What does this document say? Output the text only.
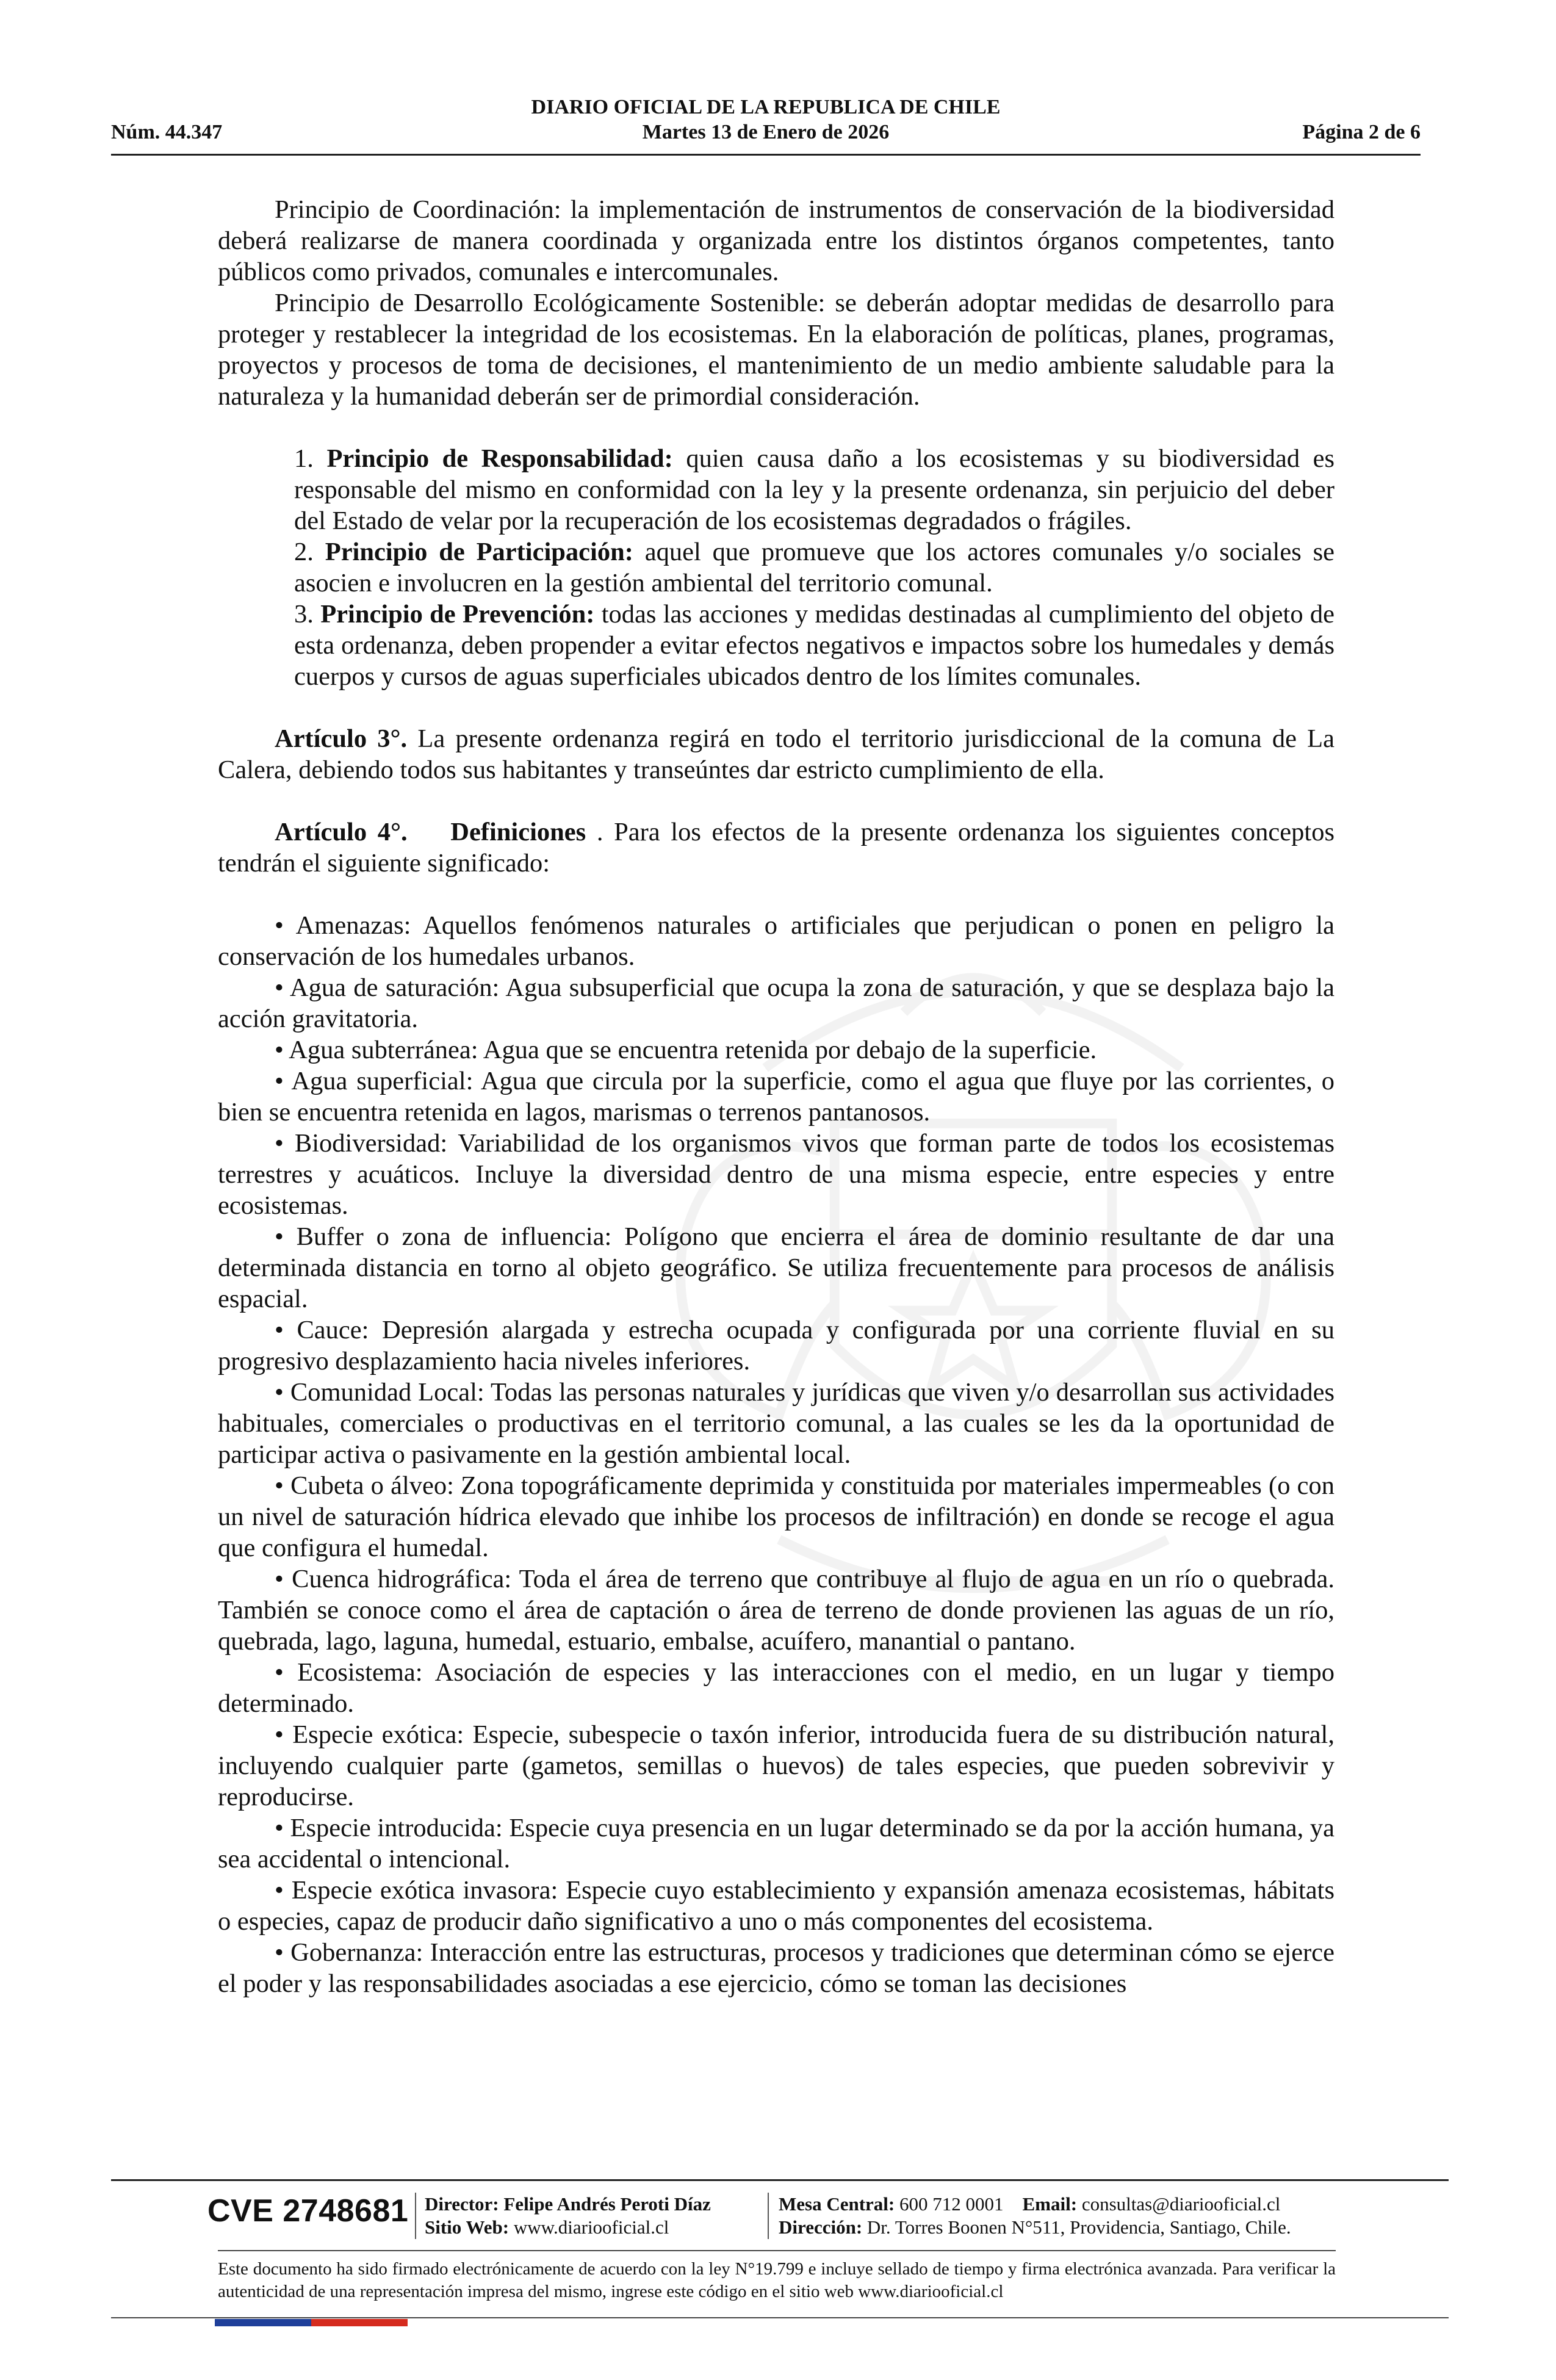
DIARIO OFICIAL DE LA REPUBLICA DE CHILE
Núm. 44.347	Martes 13 de Enero de 2026	Página 2 de 6

Principio de Coordinación: la implementación de instrumentos de conservación de la biodiversidad deberá realizarse de manera coordinada y organizada entre los distintos órganos competentes, tanto públicos como privados, comunales e intercomunales.

Principio de Desarrollo Ecológicamente Sostenible: se deberán adoptar medidas de desarrollo para proteger y restablecer la integridad de los ecosistemas. En la elaboración de políticas, planes, programas, proyectos y procesos de toma de decisiones, el mantenimiento de un medio ambiente saludable para la naturaleza y la humanidad deberán ser de primordial consideración.

1. Principio de Responsabilidad: quien causa daño a los ecosistemas y su biodiversidad es responsable del mismo en conformidad con la ley y la presente ordenanza, sin perjuicio del deber del Estado de velar por la recuperación de los ecosistemas degradados o frágiles.

2. Principio de Participación: aquel que promueve que los actores comunales y/o sociales se asocien e involucren en la gestión ambiental del territorio comunal.

3. Principio de Prevención: todas las acciones y medidas destinadas al cumplimiento del objeto de esta ordenanza, deben propender a evitar efectos negativos e impactos sobre los humedales y demás cuerpos y cursos de aguas superficiales ubicados dentro de los límites comunales.

Artículo 3°. La presente ordenanza regirá en todo el territorio jurisdiccional de la comuna de La Calera, debiendo todos sus habitantes y transeúntes dar estricto cumplimiento de ella.

Artículo 4°. Definiciones . Para los efectos de la presente ordenanza los siguientes conceptos tendrán el siguiente significado:

• Amenazas: Aquellos fenómenos naturales o artificiales que perjudican o ponen en peligro la conservación de los humedales urbanos.

• Agua de saturación: Agua subsuperficial que ocupa la zona de saturación, y que se desplaza bajo la acción gravitatoria.

• Agua subterránea: Agua que se encuentra retenida por debajo de la superficie.

• Agua superficial: Agua que circula por la superficie, como el agua que fluye por las corrientes, o bien se encuentra retenida en lagos, marismas o terrenos pantanosos.

• Biodiversidad: Variabilidad de los organismos vivos que forman parte de todos los ecosistemas terrestres y acuáticos. Incluye la diversidad dentro de una misma especie, entre especies y entre ecosistemas.

• Buffer o zona de influencia: Polígono que encierra el área de dominio resultante de dar una determinada distancia en torno al objeto geográfico. Se utiliza frecuentemente para procesos de análisis espacial.

• Cauce: Depresión alargada y estrecha ocupada y configurada por una corriente fluvial en su progresivo desplazamiento hacia niveles inferiores.

• Comunidad Local: Todas las personas naturales y jurídicas que viven y/o desarrollan sus actividades habituales, comerciales o productivas en el territorio comunal, a las cuales se les da la oportunidad de participar activa o pasivamente en la gestión ambiental local.

• Cubeta o álveo: Zona topográficamente deprimida y constituida por materiales impermeables (o con un nivel de saturación hídrica elevado que inhibe los procesos de infiltración) en donde se recoge el agua que configura el humedal.

• Cuenca hidrográfica: Toda el área de terreno que contribuye al flujo de agua en un río o quebrada. También se conoce como el área de captación o área de terreno de donde provienen las aguas de un río, quebrada, lago, laguna, humedal, estuario, embalse, acuífero, manantial o pantano.

• Ecosistema: Asociación de especies y las interacciones con el medio, en un lugar y tiempo determinado.

• Especie exótica: Especie, subespecie o taxón inferior, introducida fuera de su distribución natural, incluyendo cualquier parte (gametos, semillas o huevos) de tales especies, que pueden sobrevivir y reproducirse.

• Especie introducida: Especie cuya presencia en un lugar determinado se da por la acción humana, ya sea accidental o intencional.

• Especie exótica invasora: Especie cuyo establecimiento y expansión amenaza ecosistemas, hábitats o especies, capaz de producir daño significativo a uno o más componentes del ecosistema.

• Gobernanza: Interacción entre las estructuras, procesos y tradiciones que determinan cómo se ejerce el poder y las responsabilidades asociadas a ese ejercicio, cómo se toman las decisiones

CVE 2748681 Director: Felipe Andrés Peroti Díaz
Sitio Web: www.diariooficial.cl
Mesa Central: 600 712 0001 Email: consultas@diariooficial.cl
Dirección: Dr. Torres Boonen N°511, Providencia, Santiago, Chile.
Este documento ha sido firmado electrónicamente de acuerdo con la ley N°19.799 e incluye sellado de tiempo y firma electrónica avanzada. Para verificar la autenticidad de una representación impresa del mismo, ingrese este código en el sitio web www.diariooficial.cl
